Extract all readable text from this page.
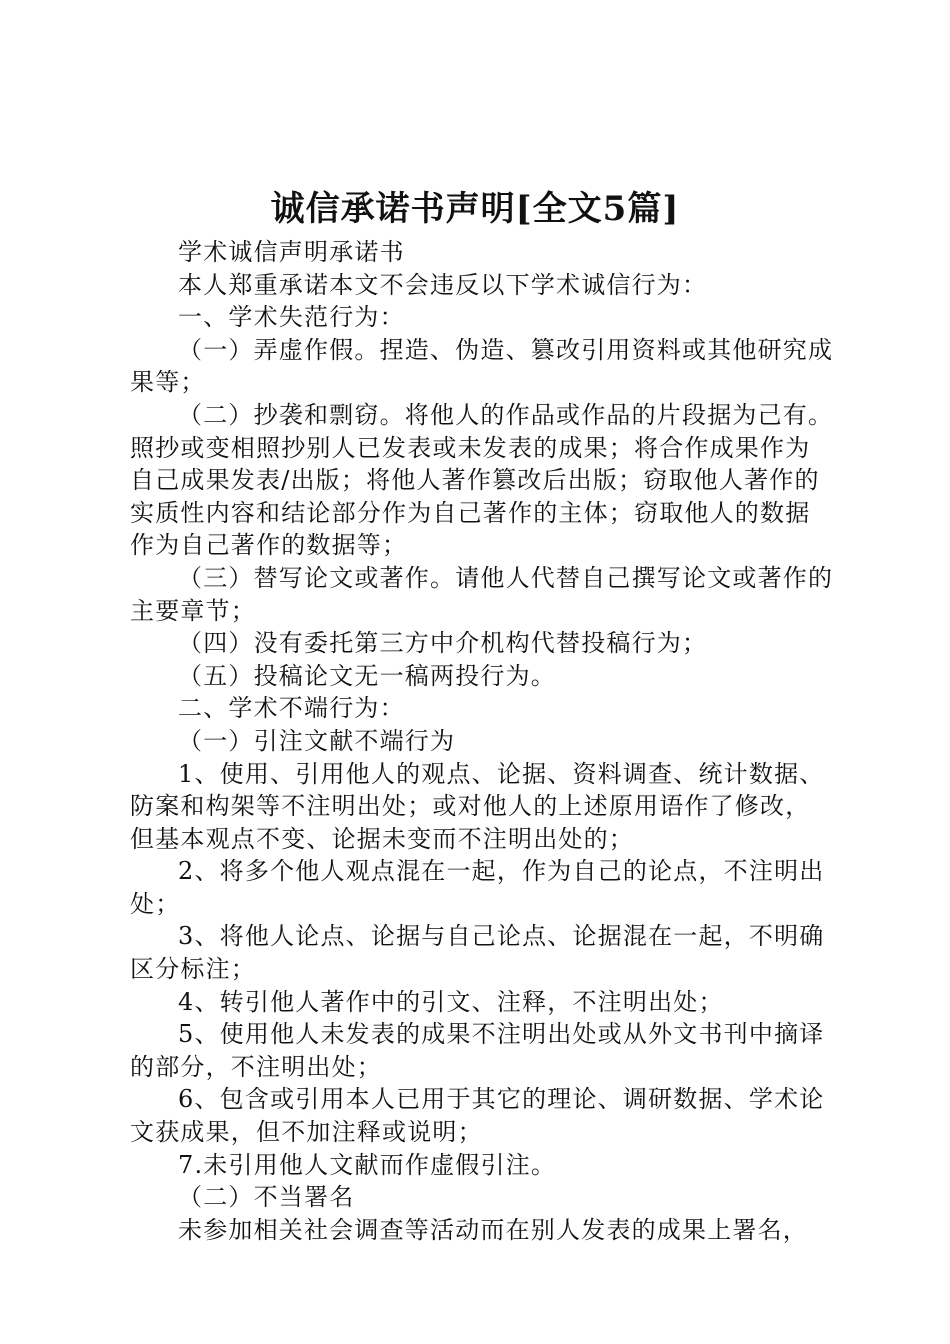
诚信承诺书声明[全文5篇]

学术诚信声明承诺书

本人郑重承诺本文不会违反以下学术诚信行为：

一、学术失范行为：

（一）弄虚作假。捏造、伪造、篡改引用资料或其他研究成果等；

（二）抄袭和剽窃。将他人的作品或作品的片段据为己有。照抄或变相照抄别人已发表或未发表的成果；将合作成果作为自己成果发表/出版；将他人著作篡改后出版；窃取他人著作的实质性内容和结论部分作为自己著作的主体；窃取他人的数据作为自己著作的数据等；

（三）替写论文或著作。请他人代替自己撰写论文或著作的主要章节；

（四）没有委托第三方中介机构代替投稿行为；

（五）投稿论文无一稿两投行为。

二、学术不端行为：

（一）引注文献不端行为

1、使用、引用他人的观点、论据、资料调查、统计数据、防案和构架等不注明出处；或对他人的上述原用语作了修改，但基本观点不变、论据未变而不注明出处的；

2、将多个他人观点混在一起，作为自己的论点，不注明出处；

3、将他人论点、论据与自己论点、论据混在一起，不明确区分标注；

4、转引他人著作中的引文、注释，不注明出处；

5、使用他人未发表的成果不注明出处或从外文书刊中摘译的部分，不注明出处；

6、包含或引用本人已用于其它的理论、调研数据、学术论文获成果，但不加注释或说明；

7.未引用他人文献而作虚假引注。

（二）不当署名

未参加相关社会调查等活动而在别人发表的成果上署名，
